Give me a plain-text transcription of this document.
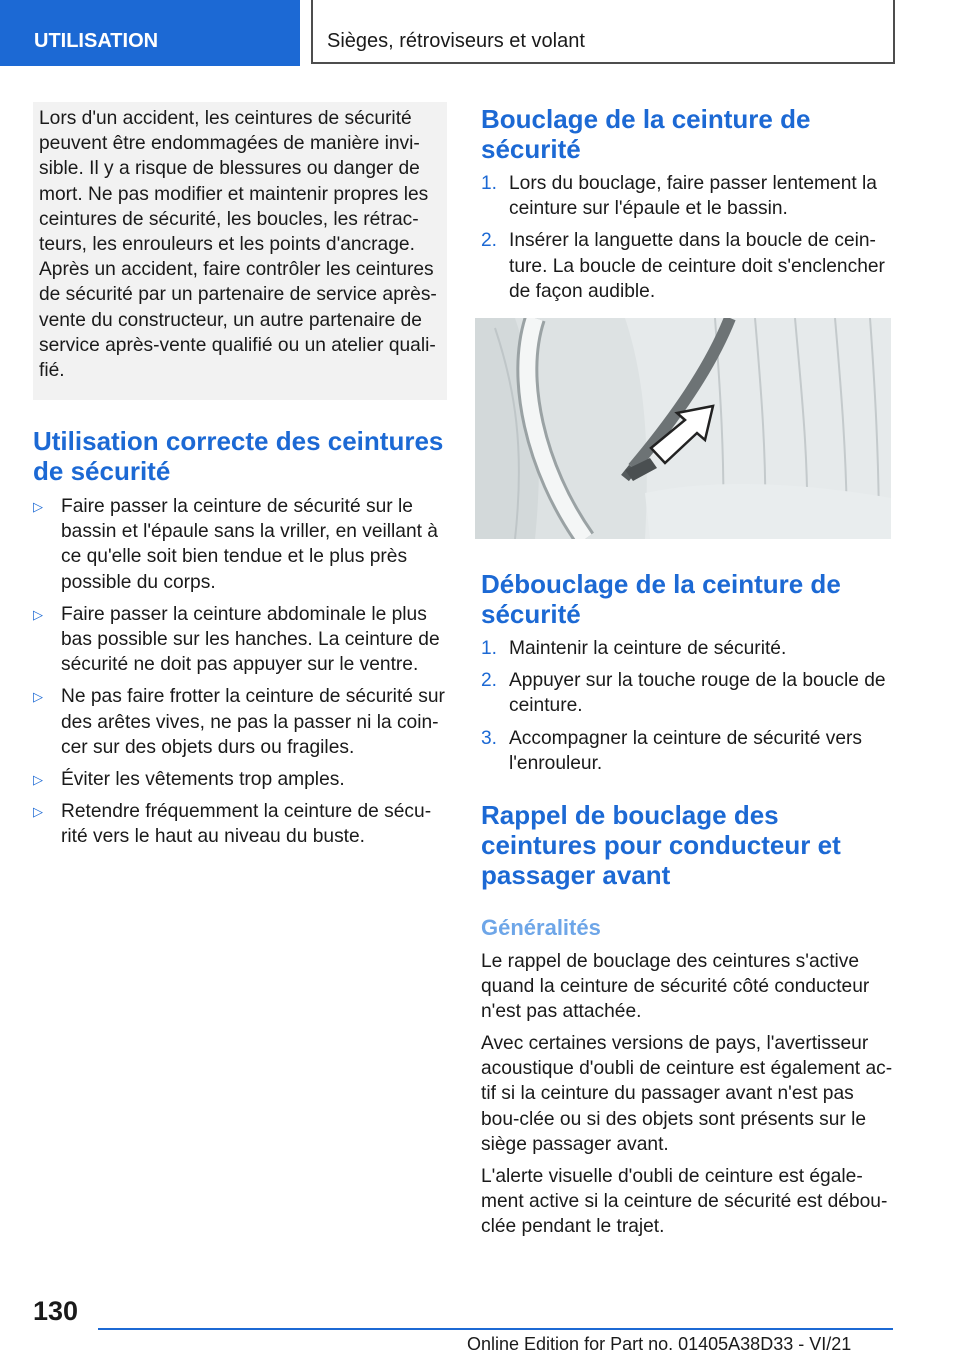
UTILISATION	Sièges, rétroviseurs et volant
Lors d'un accident, les ceintures de sécurité peuvent être endommagées de manière invi-sible. Il y a risque de blessures ou danger de mort. Ne pas modifier et maintenir propres les ceintures de sécurité, les boucles, les rétrac-teurs, les enrouleurs et les points d'ancrage. Après un accident, faire contrôler les ceintures de sécurité par un partenaire de service après-vente du constructeur, un autre partenaire de service après-vente qualifié ou un atelier quali-fié.
Utilisation correcte des ceintures de sécurité
▷ Faire passer la ceinture de sécurité sur le bassin et l'épaule sans la vriller, en veillant à ce qu'elle soit bien tendue et le plus près possible du corps.
▷ Faire passer la ceinture abdominale le plus bas possible sur les hanches. La ceinture de sécurité ne doit pas appuyer sur le ventre.
▷ Ne pas faire frotter la ceinture de sécurité sur des arêtes vives, ne pas la passer ni la coin-cer sur des objets durs ou fragiles.
▷ Éviter les vêtements trop amples.
▷ Retendre fréquemment la ceinture de sécu-rité vers le haut au niveau du buste.
Bouclage de la ceinture de sécurité
1. Lors du bouclage, faire passer lentement la ceinture sur l'épaule et le bassin.
2. Insérer la languette dans la boucle de cein-ture. La boucle de ceinture doit s'enclencher de façon audible.
Débouclage de la ceinture de sécurité
1. Maintenir la ceinture de sécurité.
2. Appuyer sur la touche rouge de la boucle de ceinture.
3. Accompagner la ceinture de sécurité vers l'enrouleur.
Rappel de bouclage des ceintures pour conducteur et passager avant
Généralités

Le rappel de bouclage des ceintures s'active quand la ceinture de sécurité côté conducteur n'est pas attachée.

Avec certaines versions de pays, l'avertisseur acoustique d'oubli de ceinture est également ac-tif si la ceinture du passager avant n'est pas bou-clée ou si des objets sont présents sur le siège passager avant.

L'alerte visuelle d'oubli de ceinture est égale-ment active si la ceinture de sécurité est débou-clée pendant le trajet.

130
Online Edition for Part no. 01405A38D33 - VI/21
